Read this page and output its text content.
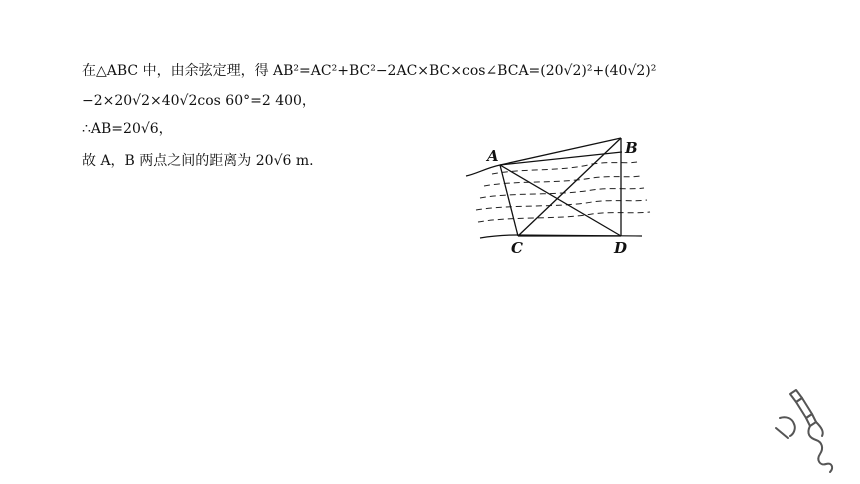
在△ABC 中，由余弦定理，得 AB²=AC²+BC²−2AC×BC×cos∠BCA=(20√2)²+(40√2)²
−2×20√2×40√2cos 60°=2 400，
∴AB=20√6，
故 A，B 两点之间的距离为 20√6 m.	A	B
C	D
